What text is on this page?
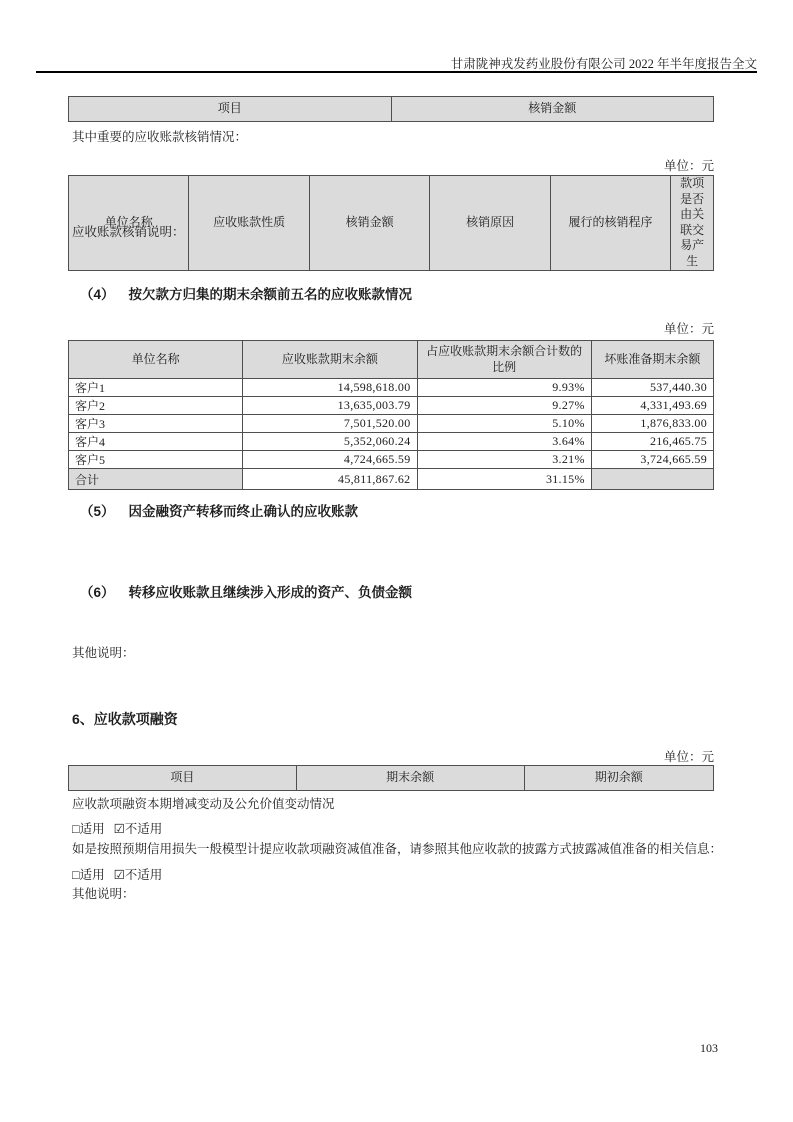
甘肃陇神戎发药业股份有限公司 2022 年半年度报告全文
项目	核销金额
其中重要的应收账款核销情况：
单位：元
单位名称	应收账款性质	核销金额	核销原因	履行的核销程序	款项是否由关联交易产生
应收账款核销说明：
（4） 按欠款方归集的期末余额前五名的应收账款情况
单位：元
单位名称	应收账款期末余额	占应收账款期末余额合计数的比例	坏账准备期末余额
客户1	14,598,618.00	9.93%	537,440.30
客户2	13,635,003.79	9.27%	4,331,493.69
客户3	7,501,520.00	5.10%	1,876,833.00
客户4	5,352,060.24	3.64%	216,465.75
客户5	4,724,665.59	3.21%	3,724,665.59
合计	45,811,867.62	31.15%	
（5） 因金融资产转移而终止确认的应收账款
（6） 转移应收账款且继续涉入形成的资产、负债金额
其他说明：
6、应收款项融资
单位：元
项目	期末余额	期初余额
应收款项融资本期增减变动及公允价值变动情况
□适用 ☑不适用
如是按照预期信用损失一般模型计提应收款项融资减值准备，请参照其他应收款的披露方式披露减值准备的相关信息：
□适用 ☑不适用
其他说明：
103
